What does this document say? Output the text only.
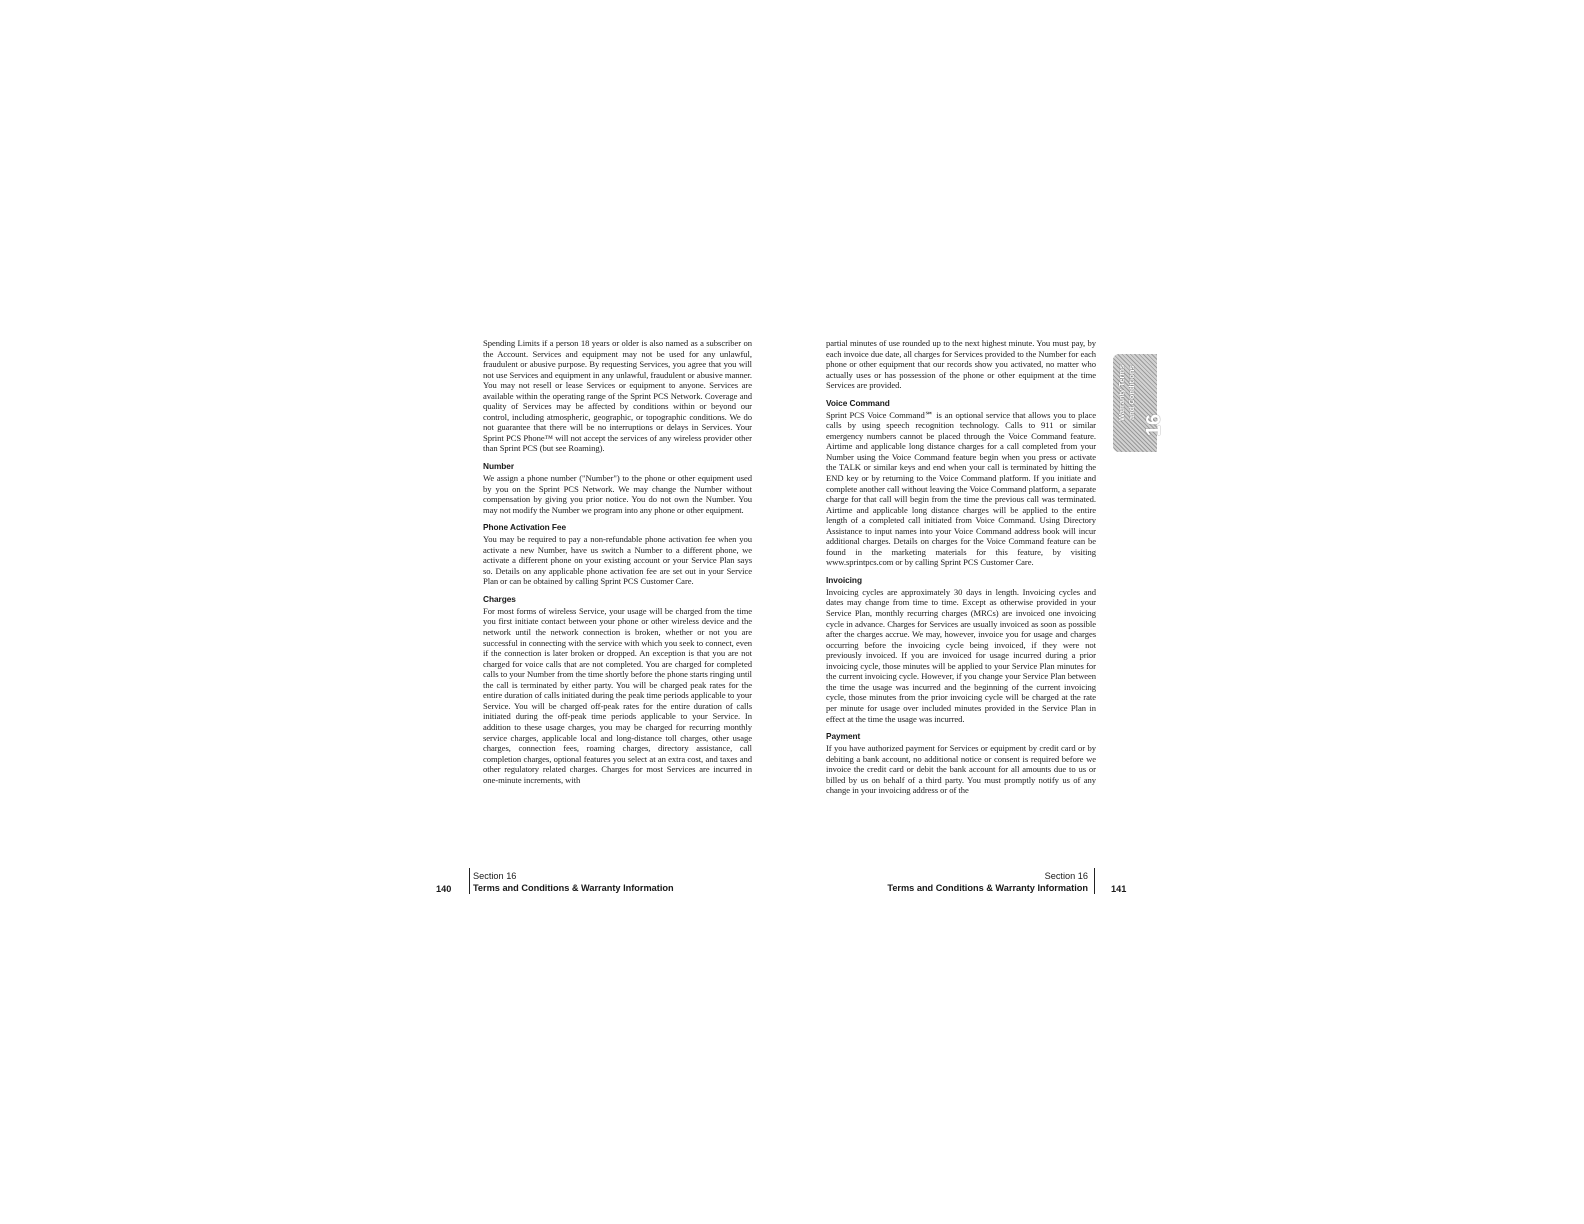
Spending Limits if a person 18 years or older is also named as a subscriber on the Account. Services and equipment may not be used for any unlawful, fraudulent or abusive purpose. By requesting Services, you agree that you will not use Services and equipment in any unlawful, fraudulent or abusive manner. You may not resell or lease Services or equipment to anyone. Services are available within the operating range of the Sprint PCS Network. Coverage and quality of Services may be affected by conditions within or beyond our control, including atmospheric, geographic, or topographic conditions. We do not guarantee that there will be no interruptions or delays in Services. Your Sprint PCS Phone™ will not accept the services of any wireless provider other than Sprint PCS (but see Roaming).

Number

We assign a phone number ("Number") to the phone or other equipment used by you on the Sprint PCS Network. We may change the Number without compensation by giving you prior notice. You do not own the Number. You may not modify the Number we program into any phone or other equipment.

Phone Activation Fee

You may be required to pay a non-refundable phone activation fee when you activate a new Number, have us switch a Number to a different phone, we activate a different phone on your existing account or your Service Plan says so. Details on any applicable phone activation fee are set out in your Service Plan or can be obtained by calling Sprint PCS Customer Care.

Charges

For most forms of wireless Service, your usage will be charged from the time you first initiate contact between your phone or other wireless device and the network until the network connection is broken, whether or not you are successful in connecting with the service with which you seek to connect, even if the connection is later broken or dropped. An exception is that you are not charged for voice calls that are not completed. You are charged for completed calls to your Number from the time shortly before the phone starts ringing until the call is terminated by either party. You will be charged peak rates for the entire duration of calls initiated during the peak time periods applicable to your Service. You will be charged off-peak rates for the entire duration of calls initiated during the off-peak time periods applicable to your Service. In addition to these usage charges, you may be charged for recurring monthly service charges, applicable local and long-distance toll charges, other usage charges, connection fees, roaming charges, directory assistance, call completion charges, optional features you select at an extra cost, and taxes and other regulatory related charges. Charges for most Services are incurred in one-minute increments, with

Section 16
Terms and Conditions & Warranty Information
140

partial minutes of use rounded up to the next highest minute. You must pay, by each invoice due date, all charges for Services provided to the Number for each phone or other equipment that our records show you activated, no matter who actually uses or has possession of the phone or other equipment at the time Services are provided.

Voice Command

Sprint PCS Voice Command℠ is an optional service that allows you to place calls by using speech recognition technology. Calls to 911 or similar emergency numbers cannot be placed through the Voice Command feature. Airtime and applicable long distance charges for a call completed from your Number using the Voice Command feature begin when you press or activate the TALK or similar keys and end when your call is terminated by hitting the END key or by returning to the Voice Command platform. If you initiate and complete another call without leaving the Voice Command platform, a separate charge for that call will begin from the time the previous call was terminated. Airtime and applicable long distance charges will be applied to the entire length of a completed call initiated from Voice Command. Using Directory Assistance to input names into your Voice Command address book will incur additional charges. Details on charges for the Voice Command feature can be found in the marketing materials for this feature, by visiting www.sprintpcs.com or by calling Sprint PCS Customer Care.

Invoicing

Invoicing cycles are approximately 30 days in length. Invoicing cycles and dates may change from time to time. Except as otherwise provided in your Service Plan, monthly recurring charges (MRCs) are invoiced one invoicing cycle in advance. Charges for Services are usually invoiced as soon as possible after the charges accrue. We may, however, invoice you for usage and charges occurring before the invoicing cycle being invoiced, if they were not previously invoiced. If you are invoiced for usage incurred during a prior invoicing cycle, those minutes will be applied to your Service Plan minutes for the current invoicing cycle. However, if you change your Service Plan between the time the usage was incurred and the beginning of the current invoicing cycle, those minutes from the prior invoicing cycle will be charged at the rate per minute for usage over included minutes provided in the Service Plan in effect at the time the usage was incurred.

Payment

If you have authorized payment for Services or equipment by credit card or by debiting a bank account, no additional notice or consent is required before we invoice the credit card or debit the bank account for all amounts due to us or billed by us on behalf of a third party. You must promptly notify us of any change in your invoicing address or of the

Section 16
Terms and Conditions & Warranty Information	141
Warranty Terms and Conditions
16
